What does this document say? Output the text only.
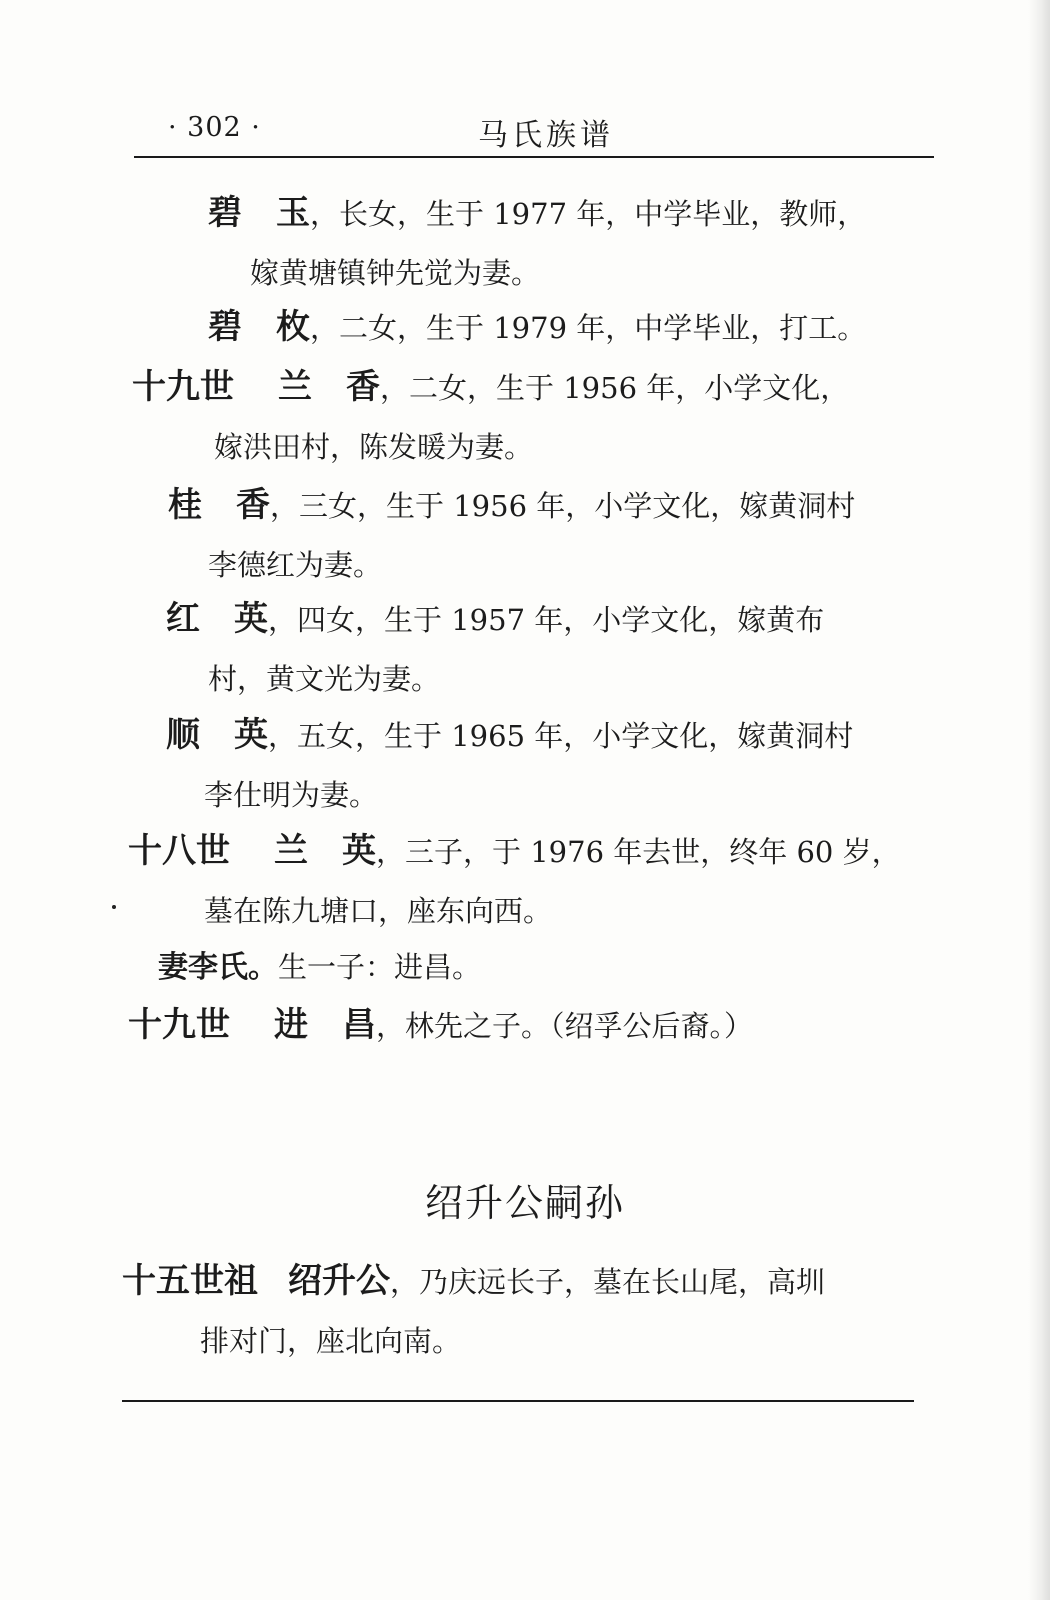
· 302 ·	马氏族谱
碧　玉，长女，生于 1977 年，中学毕业，教师，
嫁黄塘镇钟先觉为妻。
碧　枚，二女，生于 1979 年，中学毕业，打工。
十九世 兰　香，二女，生于 1956 年，小学文化，
嫁洪田村，陈发暖为妻。
桂　香，三女，生于 1956 年，小学文化，嫁黄洞村
李德红为妻。
红　英，四女，生于 1957 年，小学文化，嫁黄布
村，黄文光为妻。
顺　英，五女，生于 1965 年，小学文化，嫁黄洞村
李仕明为妻。
十八世 兰　英，三子，于 1976 年去世，终年 60 岁，
墓在陈九塘口，座东向西。
妻李氏。生一子：进昌。
十九世 进　昌，林先之子。（绍孚公后裔。）
绍升公嗣孙
十五世祖 绍升公，乃庆远长子，墓在长山尾，高圳
排对门，座北向南。
